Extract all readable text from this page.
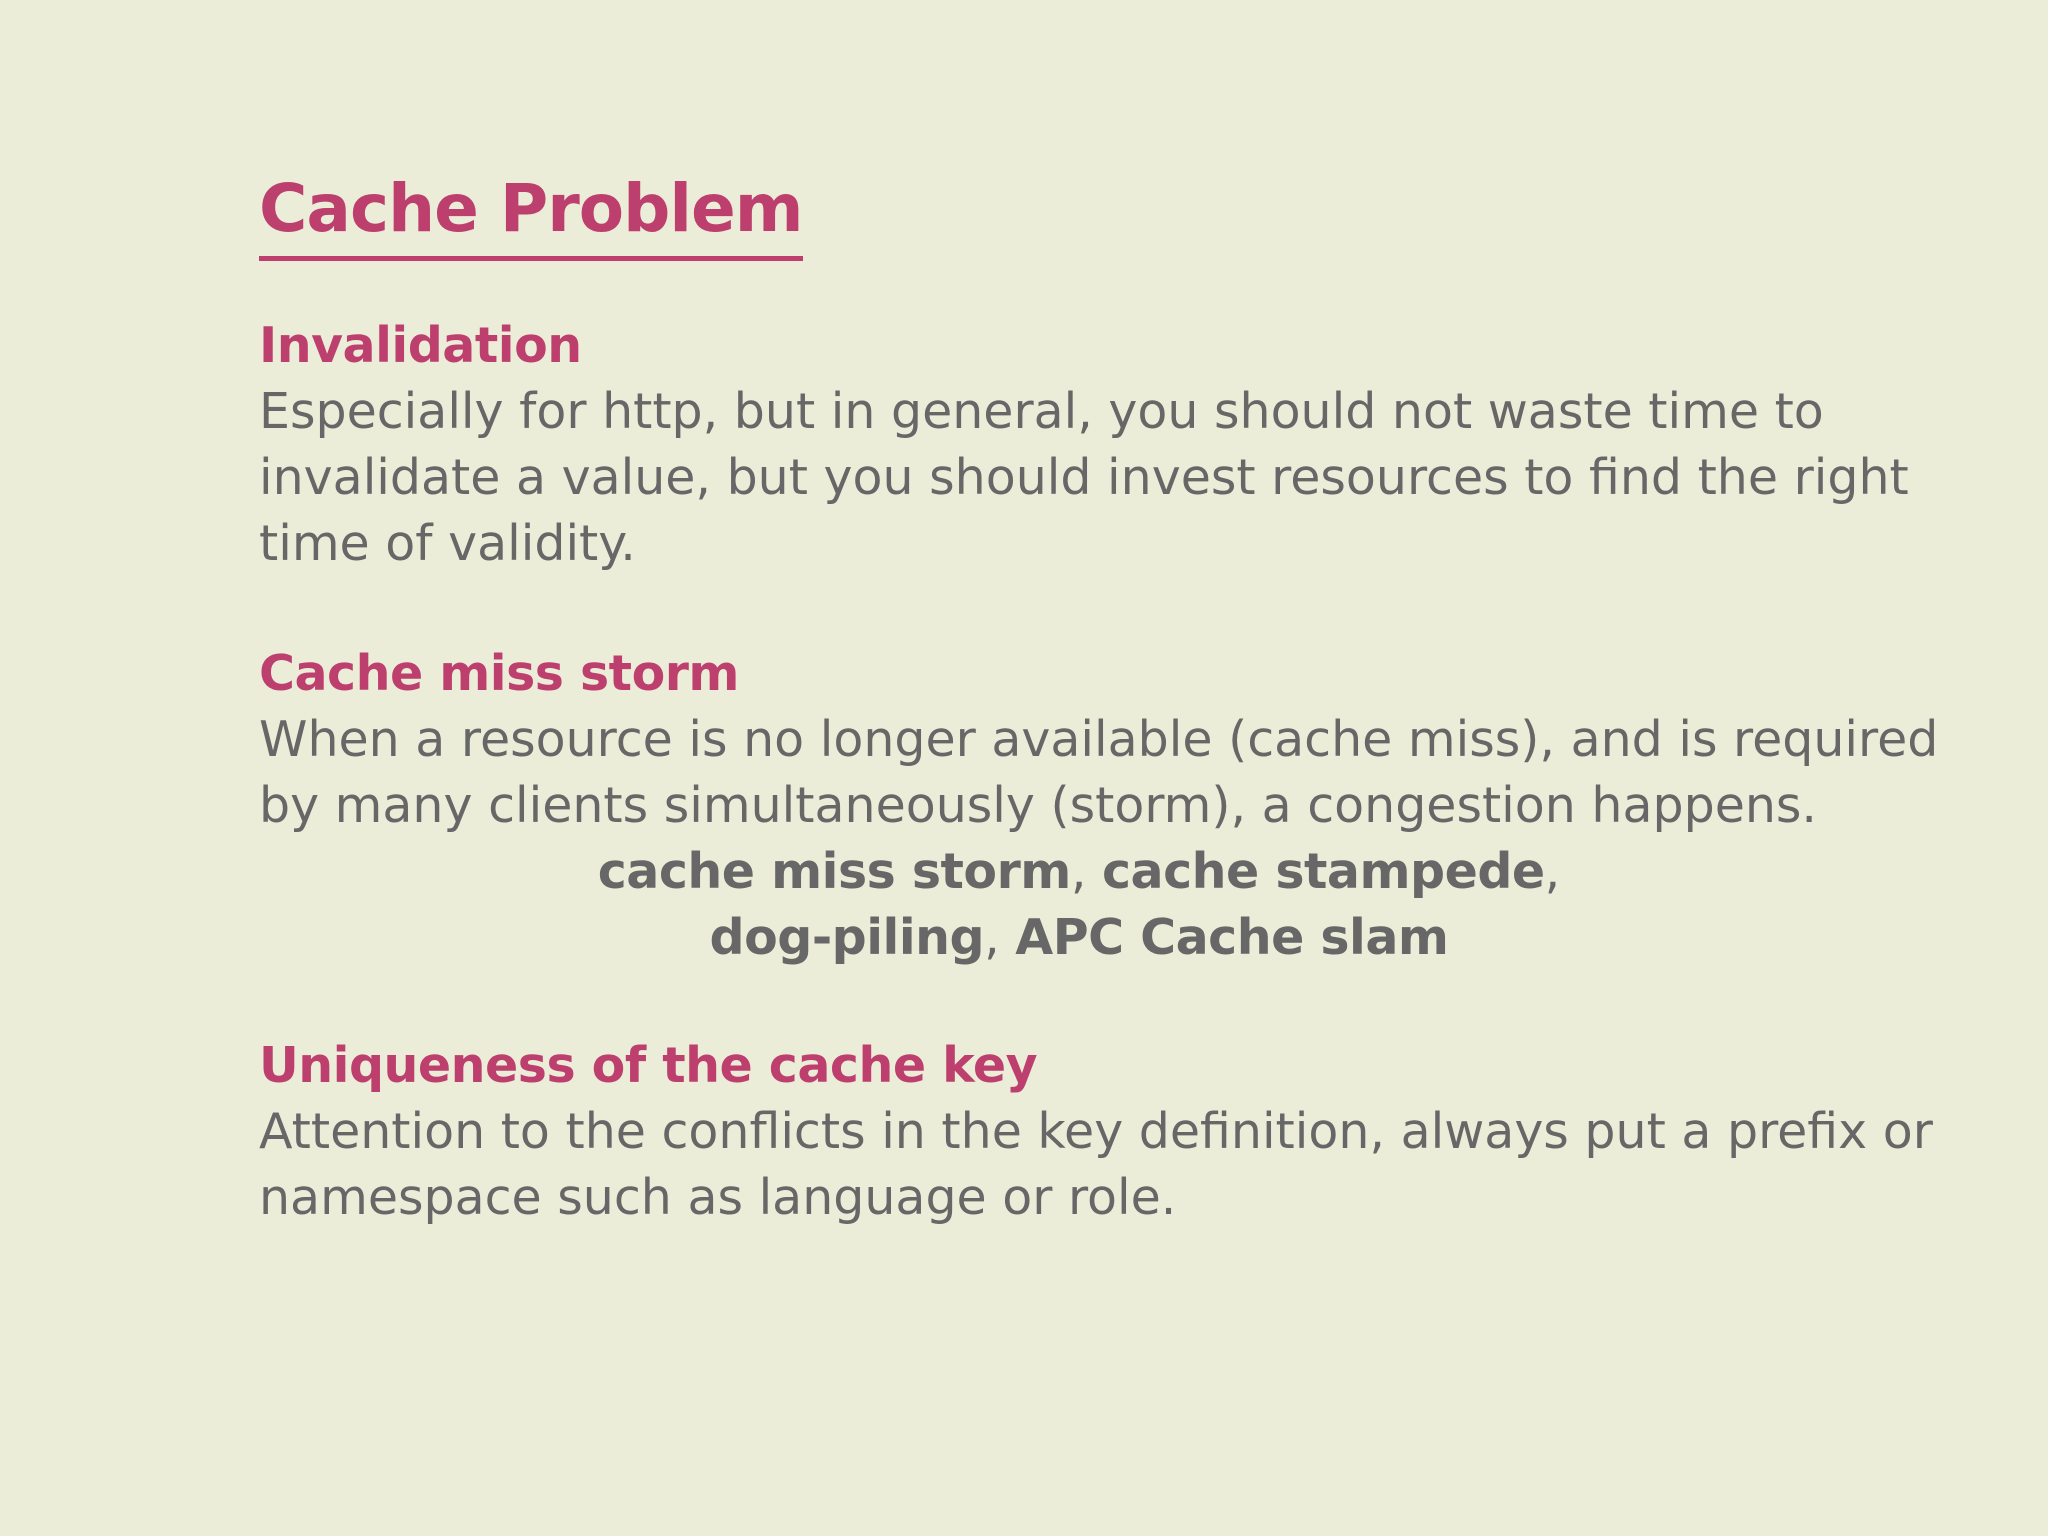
Cache Problem
Invalidation

Especially for http, but in general, you should not waste time to

invalidate a value, but you should invest resources to find the right

time of validity.

Cache miss storm

When a resource is no longer available (cache miss), and is required

by many clients simultaneously (storm), a congestion happens.

cache miss storm, cache stampede,

dog-piling, APC Cache slam

Uniqueness of the cache key

Attention to the conflicts in the key definition, always put a prefix or

namespace such as language or role.
